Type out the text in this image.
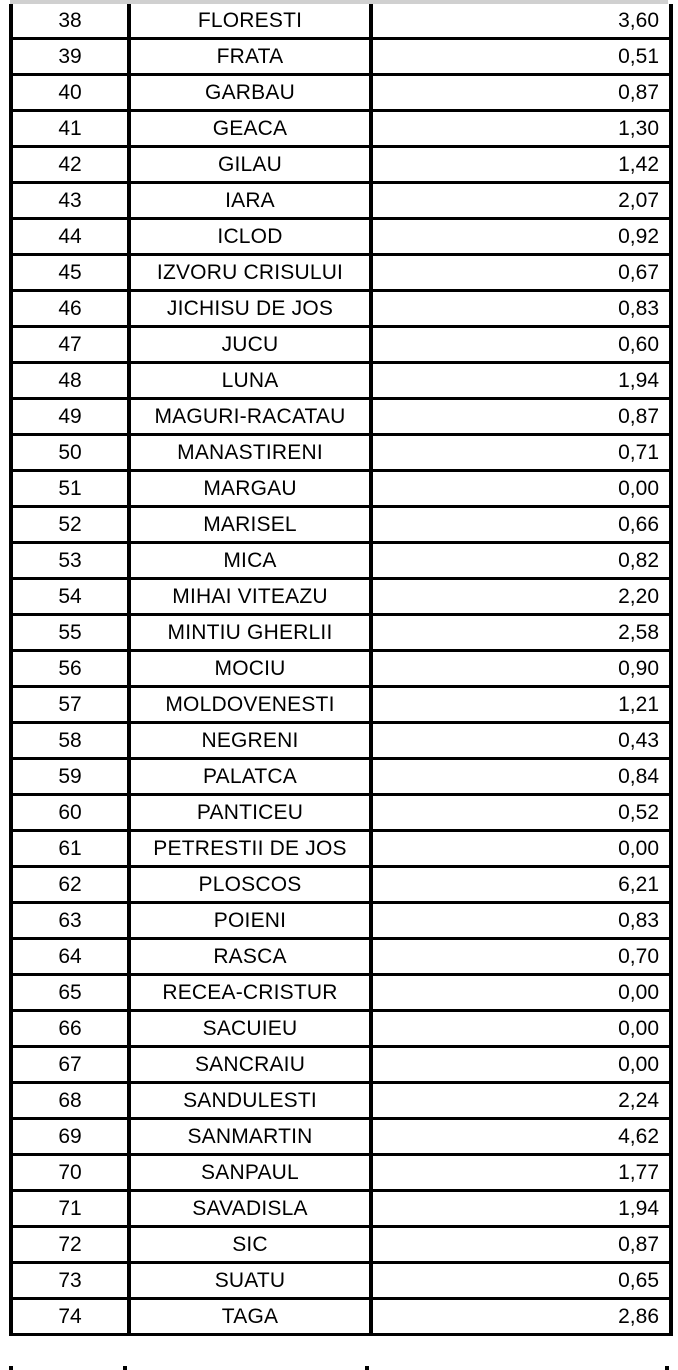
38	FLORESTI	3,60
39	FRATA	0,51
40	GARBAU	0,87
41	GEACA	1,30
42	GILAU	1,42
43	IARA	2,07
44	ICLOD	0,92
45	IZVORU CRISULUI	0,67
46	JICHISU DE JOS	0,83
47	JUCU	0,60
48	LUNA	1,94
49	MAGURI-RACATAU	0,87
50	MANASTIRENI	0,71
51	MARGAU	0,00
52	MARISEL	0,66
53	MICA	0,82
54	MIHAI VITEAZU	2,20
55	MINTIU GHERLII	2,58
56	MOCIU	0,90
57	MOLDOVENESTI	1,21
58	NEGRENI	0,43
59	PALATCA	0,84
60	PANTICEU	0,52
61	PETRESTII DE JOS	0,00
62	PLOSCOS	6,21
63	POIENI	0,83
64	RASCA	0,70
65	RECEA-CRISTUR	0,00
66	SACUIEU	0,00
67	SANCRAIU	0,00
68	SANDULESTI	2,24
69	SANMARTIN	4,62
70	SANPAUL	1,77
71	SAVADISLA	1,94
72	SIC	0,87
73	SUATU	0,65
74	TAGA	2,86
